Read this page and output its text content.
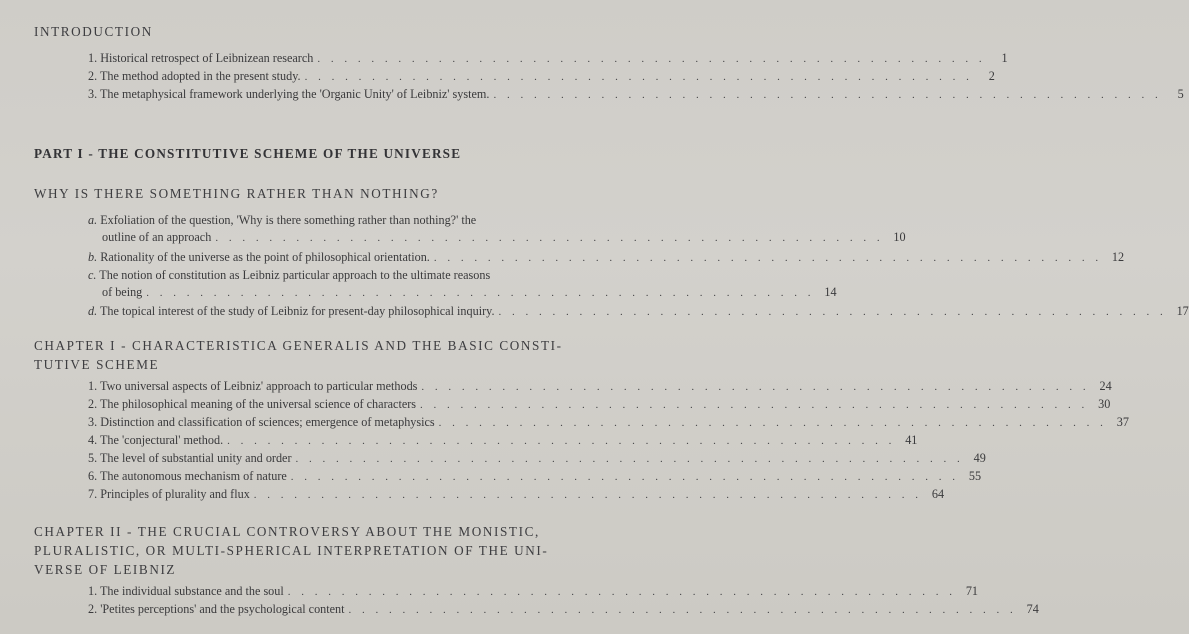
INTRODUCTION
1. Historical retrospect of Leibnizean research . . . . . . . . . . . . . . . . . . . . . . . . . . . . . . . . . . . . . . . . . . . . . . . . . .	1
2. The method adopted in the present study. . . . . . . . . . . . . . . . . . . . . . . . . . . . . . . . . . . . . . . . . . . . . . . . . . .	2
3. The metaphysical framework underlying the 'Organic Unity' of Leibniz' system. . . . . . . . . . . . . . . . . . . . . . . . . . . . . . . . . . . . . . . . . . . . . . . . . . .	5
PART I - THE CONSTITUTIVE SCHEME OF THE UNIVERSE
WHY IS THERE SOMETHING RATHER THAN NOTHING?
a. Exfoliation of the question, 'Why is there something rather than nothing?' the
outline of an approach . . . . . . . . . . . . . . . . . . . . . . . . . . . . . . . . . . . . . . . . . . . . . . . . . . 10
b. Rationality of the universe as the point of philosophical orientation. . . . . . . . . . . . . . . . . . . . . . . . . . . . . . . . . . . . . . . . . . . . . . . . . . . 12
c. The notion of constitution as Leibniz particular approach to the ultimate reasons
of being . . . . . . . . . . . . . . . . . . . . . . . . . . . . . . . . . . . . . . . . . . . . . . . . . . 14
d. The topical interest of the study of Leibniz for present-day philosophical inquiry. . . . . . . . . . . . . . . . . . . . . . . . . . . . . . . . . . . . . . . . . . . . . . . . . . . 17
CHAPTER I - CHARACTERISTICA GENERALIS AND THE BASIC CONSTI-
TUTIVE SCHEME
1. Two universal aspects of Leibniz' approach to particular methods . . . . . . . . . . . . . . . . . . . . . . . . . . . . . . . . . . . . . . . . . . . . . . . . . . 24
2. The philosophical meaning of the universal science of characters . . . . . . . . . . . . . . . . . . . . . . . . . . . . . . . . . . . . . . . . . . . . . . . . . . 30
3. Distinction and classification of sciences; emergence of metaphysics . . . . . . . . . . . . . . . . . . . . . . . . . . . . . . . . . . . . . . . . . . . . . . . . . . 37
4. The 'conjectural' method. . . . . . . . . . . . . . . . . . . . . . . . . . . . . . . . . . . . . . . . . . . . . . . . . . . 41
5. The level of substantial unity and order . . . . . . . . . . . . . . . . . . . . . . . . . . . . . . . . . . . . . . . . . . . . . . . . . . 49
6. The autonomous mechanism of nature . . . . . . . . . . . . . . . . . . . . . . . . . . . . . . . . . . . . . . . . . . . . . . . . . . 55
7. Principles of plurality and flux . . . . . . . . . . . . . . . . . . . . . . . . . . . . . . . . . . . . . . . . . . . . . . . . . . 64
CHAPTER II - THE CRUCIAL CONTROVERSY ABOUT THE MONISTIC,
PLURALISTIC, OR MULTI-SPHERICAL INTERPRETATION OF THE UNI-
VERSE OF LEIBNIZ
1. The individual substance and the soul . . . . . . . . . . . . . . . . . . . . . . . . . . . . . . . . . . . . . . . . . . . . . . . . . . 71
2. 'Petites perceptions' and the psychological content . . . . . . . . . . . . . . . . . . . . . . . . . . . . . . . . . . . . . . . . . . . . . . . . . . 74
